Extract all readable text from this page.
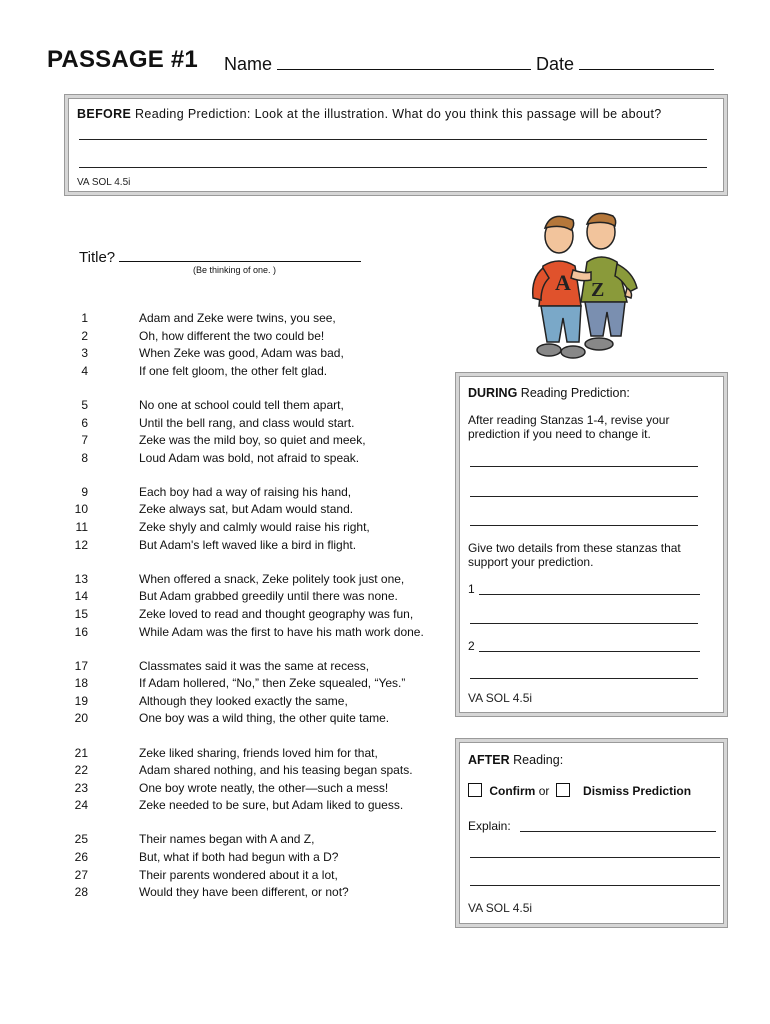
PASSAGE #1 Name	Date
BEFORE Reading Prediction: Look at the illustration. What do you think this passage will be about?
VA SOL 4.5i
Title?
(Be thinking of one. )	A Z
1	Adam and Zeke were twins, you see,
2	Oh, how different the two could be!
3	When Zeke was good, Adam was bad,
4	If one felt gloom, the other felt glad.
5	No one at school could tell them apart,
6	Until the bell rang, and class would start.
7	Zeke was the mild boy, so quiet and meek,
8	Loud Adam was bold, not afraid to speak.
9	Each boy had a way of raising his hand,
10	Zeke always sat, but Adam would stand.
11	Zeke shyly and calmly would raise his right,
12	But Adam's left waved like a bird in flight.
13	When offered a snack, Zeke politely took just one,
14	But Adam grabbed greedily until there was none.
15	Zeke loved to read and thought geography was fun,
16	While Adam was the first to have his math work done.
17	Classmates said it was the same at recess,
18	If Adam hollered, “No,” then Zeke squealed, “Yes.”
19	Although they looked exactly the same,
20	One boy was a wild thing, the other quite tame.
21	Zeke liked sharing, friends loved him for that,
22	Adam shared nothing, and his teasing began spats.
23	One boy wrote neatly, the other—such a mess!
24	Zeke needed to be sure, but Adam liked to guess.
25	Their names began with A and Z,
26	But, what if both had begun with a D?
27	Their parents wondered about it a lot,
28	Would they have been different, or not?
DURING Reading Prediction:
After reading Stanzas 1-4, revise your
prediction if you need to change it.
Give two details from these stanzas that
support your prediction.
1
2
VA SOL 4.5i
AFTER Reading:
Confirm or	Dismiss Prediction
Explain:
VA SOL 4.5i
